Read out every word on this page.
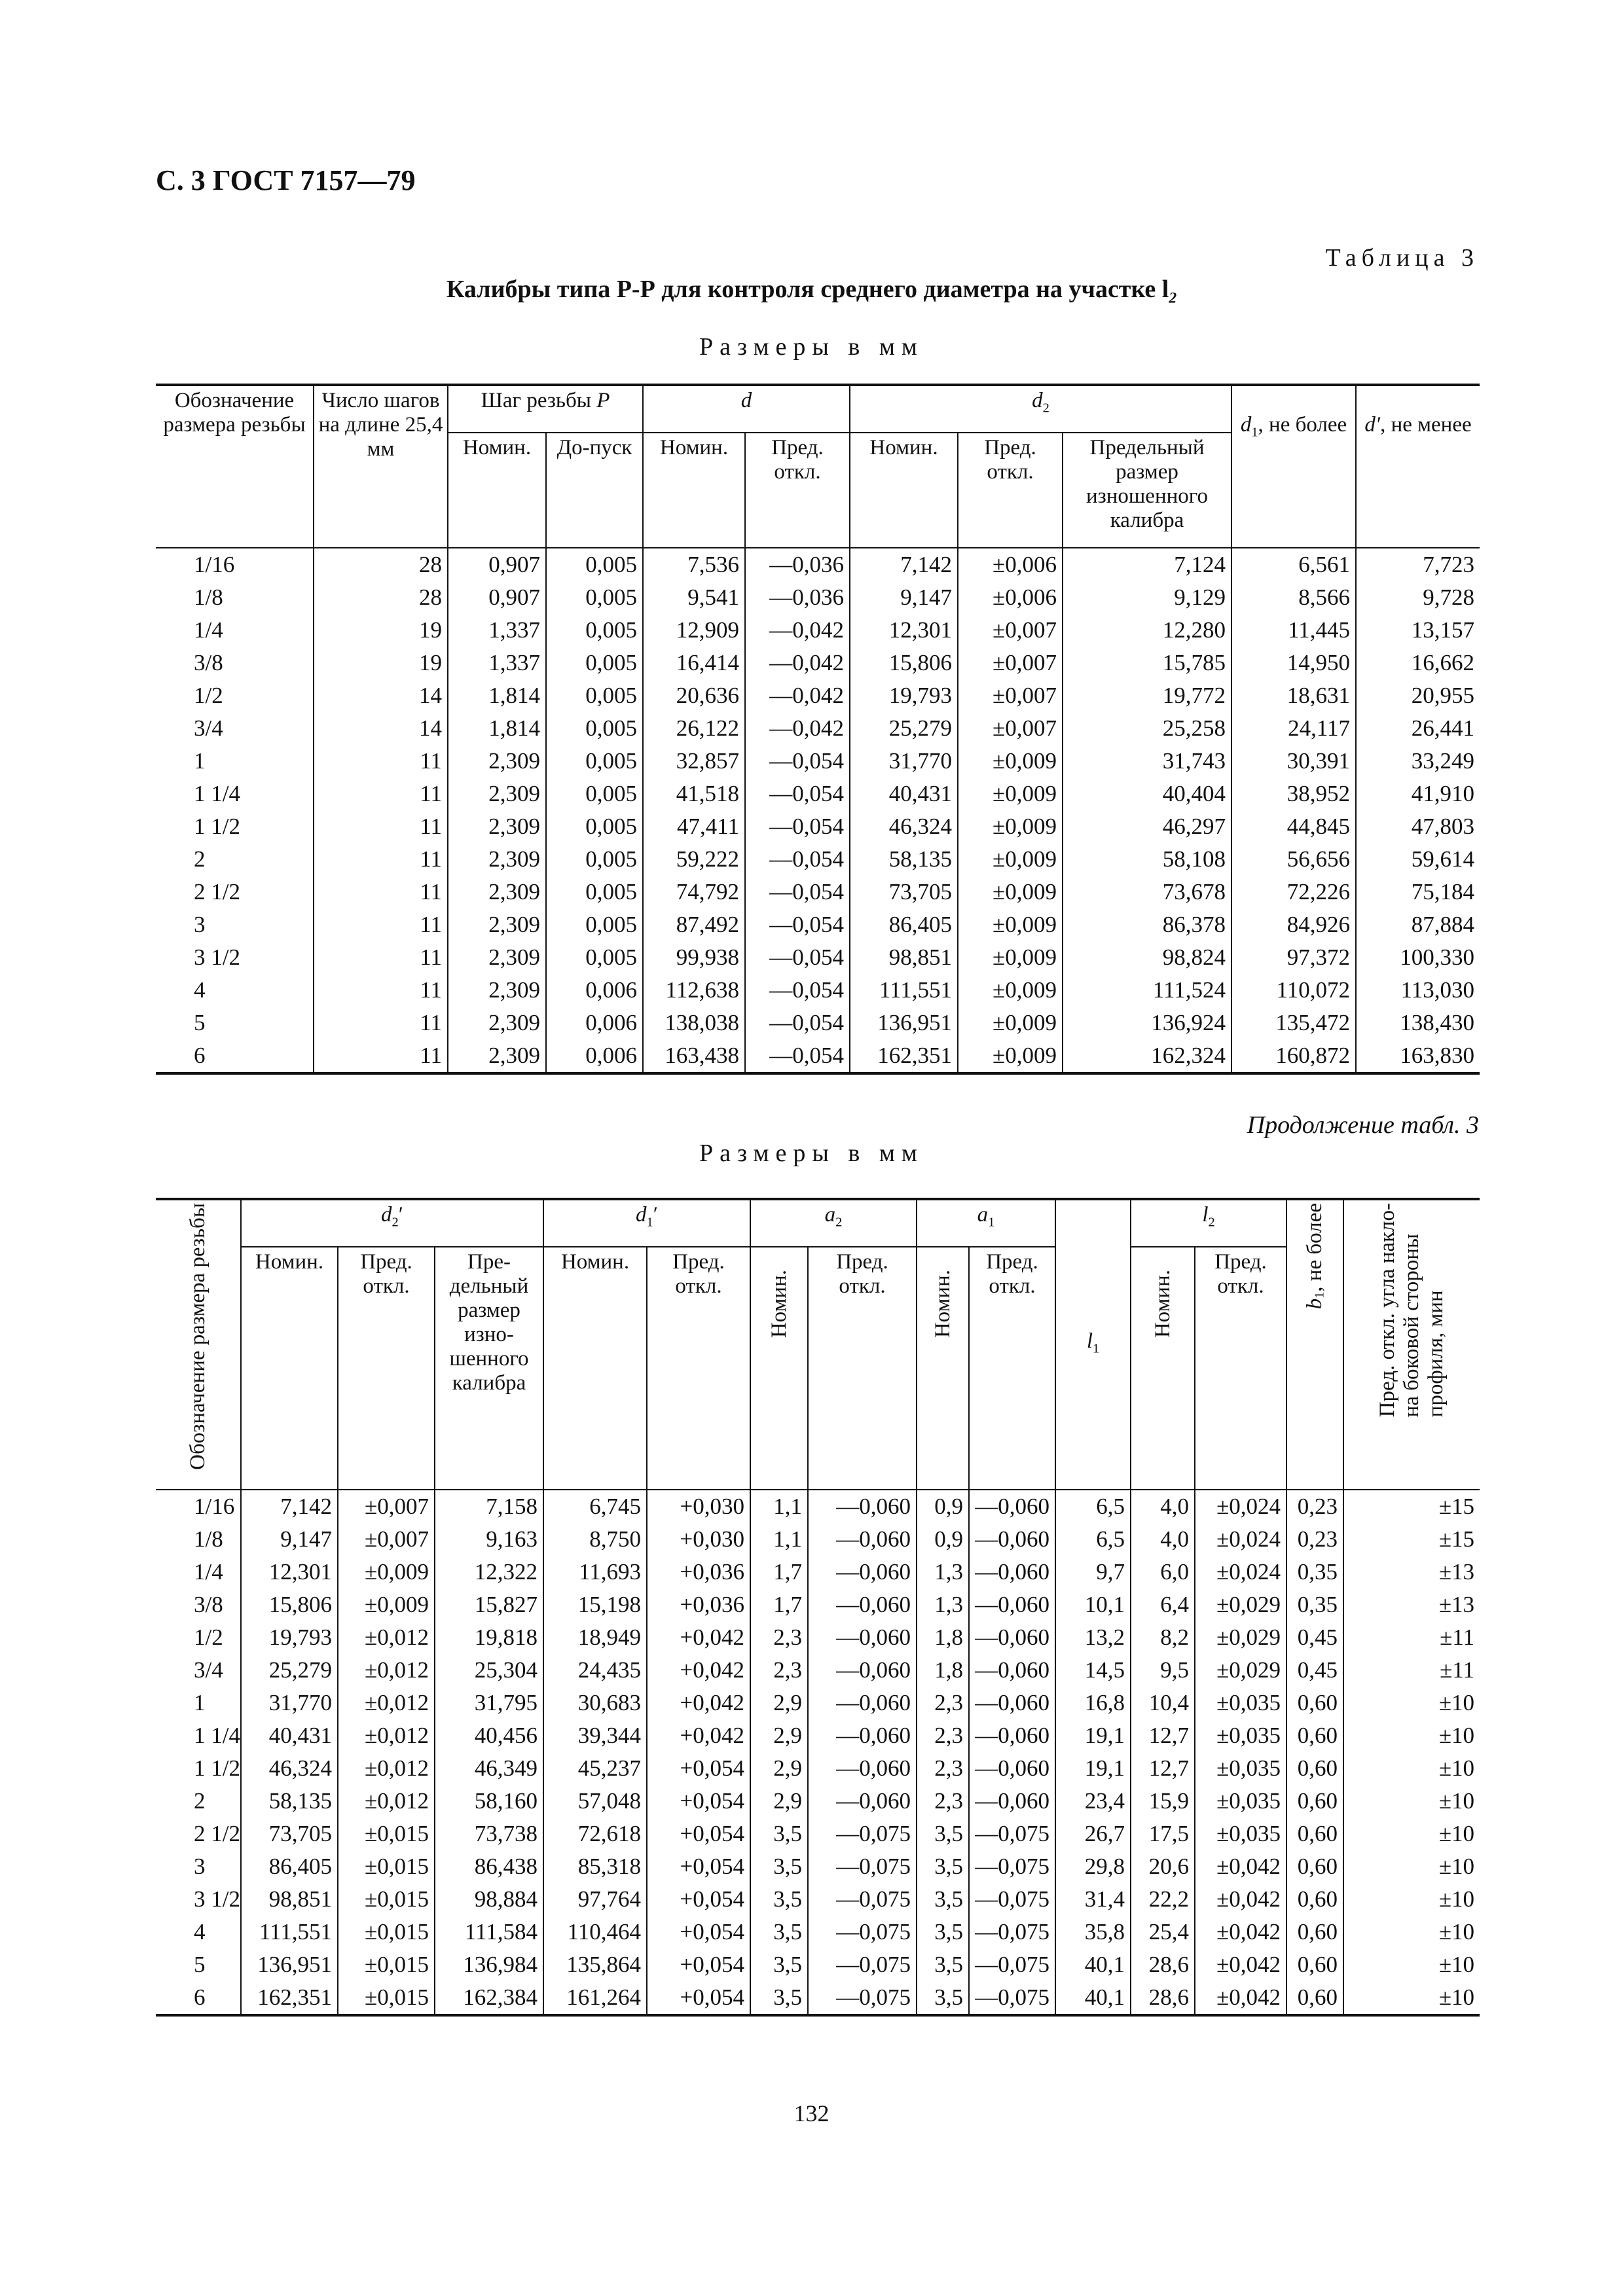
С. 3 ГОСТ 7157—79
Таблица 3
Калибры типа Р-Р для контроля среднего диаметра на участке $l_2$
Размеры в мм
Обозначение размера резьбы	Число шагов на длине 25,4 мм	Шаг резьбы P		d		$d_2$			$d_1$, не более	d′, не менее
		Номин.	До-пуск	Номин.	Пред. откл.	Номин.	Пред. откл.	Предельный размер изношенного калибра		

1/16	28	0,907	0,005	7,536	—0,036	7,142	±0,006	7,124	6,561	7,723
1/8	28	0,907	0,005	9,541	—0,036	9,147	±0,006	9,129	8,566	9,728
1/4	19	1,337	0,005	12,909	—0,042	12,301	±0,007	12,280	11,445	13,157
3/8	19	1,337	0,005	16,414	—0,042	15,806	±0,007	15,785	14,950	16,662
1/2	14	1,814	0,005	20,636	—0,042	19,793	±0,007	19,772	18,631	20,955
3/4	14	1,814	0,005	26,122	—0,042	25,279	±0,007	25,258	24,117	26,441
1	11	2,309	0,005	32,857	—0,054	31,770	±0,009	31,743	30,391	33,249
1 1/4	11	2,309	0,005	41,518	—0,054	40,431	±0,009	40,404	38,952	41,910
1 1/2	11	2,309	0,005	47,411	—0,054	46,324	±0,009	46,297	44,845	47,803
2	11	2,309	0,005	59,222	—0,054	58,135	±0,009	58,108	56,656	59,614
2 1/2	11	2,309	0,005	74,792	—0,054	73,705	±0,009	73,678	72,226	75,184
3	11	2,309	0,005	87,492	—0,054	86,405	±0,009	86,378	84,926	87,884
3 1/2	11	2,309	0,005	99,938	—0,054	98,851	±0,009	98,824	97,372	100,330
4	11	2,309	0,006	112,638	—0,054	111,551	±0,009	111,524	110,072	113,030
5	11	2,309	0,006	138,038	—0,054	136,951	±0,009	136,924	135,472	138,430
6	11	2,309	0,006	163,438	—0,054	162,351	±0,009	162,324	160,872	163,830
Продолжение табл. 3
Размеры в мм
Обозначение размера резьбы	$d_2'$			$d_1'$		$a_2$		$a_1$		$l_1$	$l_2$		$b_1$, не более	Пред. откл. угла накло-
на боковой стороны
профиля, мин

	Номин.	Пред. откл.	Пре-дельный размер изно-шенного калибра	Номин.	Пред. откл.	Номин.	Пред. откл.	Номин.	Пред. откл.		Номин.	Пред. откл.		

1/16	7,142	±0,007	7,158	6,745	+0,030	1,1	—0,060	0,9	—0,060	6,5	4,0	±0,024	0,23	±15
1/8	9,147	±0,007	9,163	8,750	+0,030	1,1	—0,060	0,9	—0,060	6,5	4,0	±0,024	0,23	±15
1/4	12,301	±0,009	12,322	11,693	+0,036	1,7	—0,060	1,3	—0,060	9,7	6,0	±0,024	0,35	±13
3/8	15,806	±0,009	15,827	15,198	+0,036	1,7	—0,060	1,3	—0,060	10,1	6,4	±0,029	0,35	±13
1/2	19,793	±0,012	19,818	18,949	+0,042	2,3	—0,060	1,8	—0,060	13,2	8,2	±0,029	0,45	±11
3/4	25,279	±0,012	25,304	24,435	+0,042	2,3	—0,060	1,8	—0,060	14,5	9,5	±0,029	0,45	±11
1	31,770	±0,012	31,795	30,683	+0,042	2,9	—0,060	2,3	—0,060	16,8	10,4	±0,035	0,60	±10
1 1/4	40,431	±0,012	40,456	39,344	+0,042	2,9	—0,060	2,3	—0,060	19,1	12,7	±0,035	0,60	±10
1 1/2	46,324	±0,012	46,349	45,237	+0,054	2,9	—0,060	2,3	—0,060	19,1	12,7	±0,035	0,60	±10
2	58,135	±0,012	58,160	57,048	+0,054	2,9	—0,060	2,3	—0,060	23,4	15,9	±0,035	0,60	±10
2 1/2	73,705	±0,015	73,738	72,618	+0,054	3,5	—0,075	3,5	—0,075	26,7	17,5	±0,035	0,60	±10
3	86,405	±0,015	86,438	85,318	+0,054	3,5	—0,075	3,5	—0,075	29,8	20,6	±0,042	0,60	±10
3 1/2	98,851	±0,015	98,884	97,764	+0,054	3,5	—0,075	3,5	—0,075	31,4	22,2	±0,042	0,60	±10
4	111,551	±0,015	111,584	110,464	+0,054	3,5	—0,075	3,5	—0,075	35,8	25,4	±0,042	0,60	±10
5	136,951	±0,015	136,984	135,864	+0,054	3,5	—0,075	3,5	—0,075	40,1	28,6	±0,042	0,60	±10
6	162,351	±0,015	162,384	161,264	+0,054	3,5	—0,075	3,5	—0,075	40,1	28,6	±0,042	0,60	±10
132
